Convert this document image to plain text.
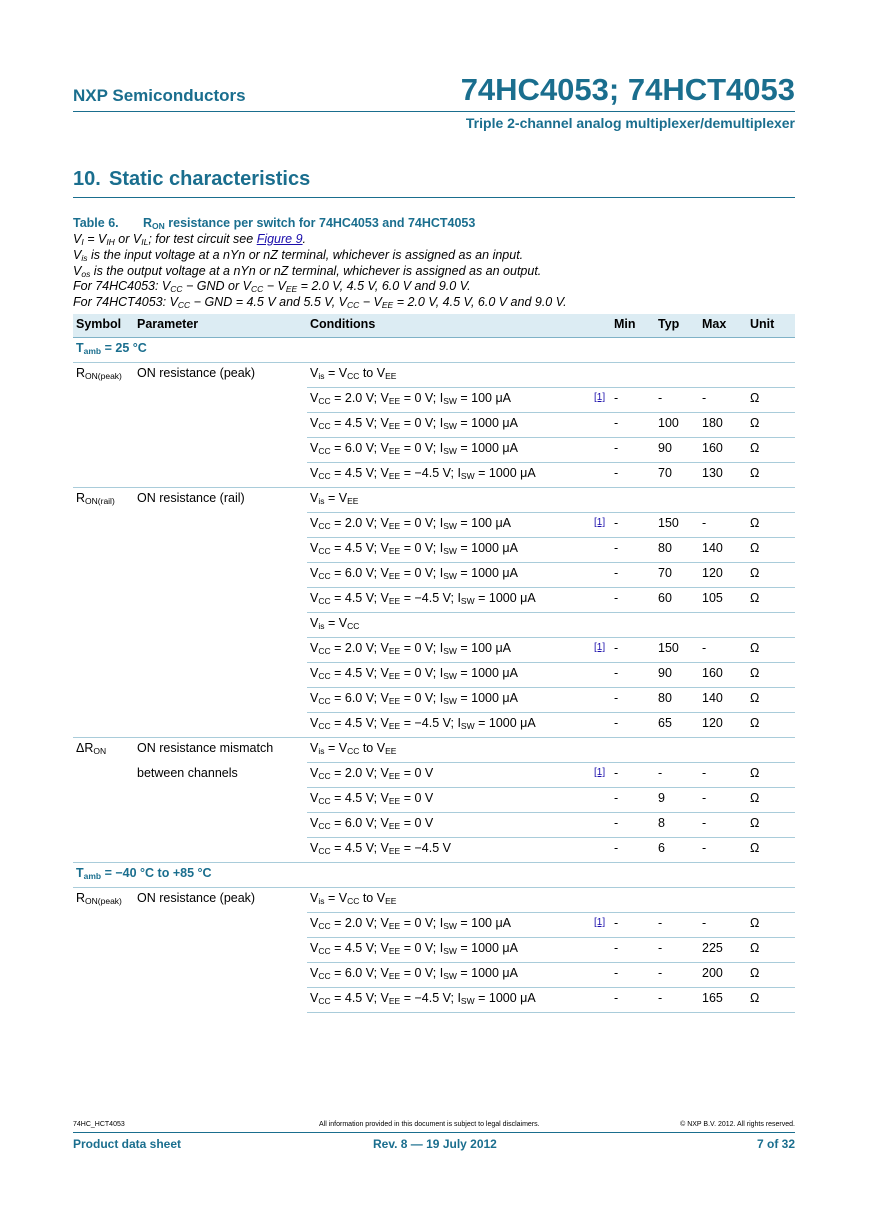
NXP Semiconductors	74HC4053; 74HCT4053
Triple 2-channel analog multiplexer/demultiplexer
10. Static characteristics
Table 6. $R_{ON}$ resistance per switch for 74HC4053 and 74HCT4053
$V_I = V_{IH}$ or $V_{IL}$; for test circuit see Figure 9.
$V_{is}$ is the input voltage at a nYn or nZ terminal, whichever is assigned as an input.
$V_{os}$ is the output voltage at a nYn or nZ terminal, whichever is assigned as an output.
For 74HC4053: $V_{CC}$ − GND or $V_{CC} - V_{EE} = 2.0$ V, 4.5 V, 6.0 V and 9.0 V.
For 74HCT4053: $V_{CC}$ − GND = 4.5 V and 5.5 V, $V_{CC} - V_{EE} = 2.0$ V, 4.5 V, 6.0 V and 9.0 V.
Symbol	Parameter	Conditions		Min	Typ	Max	Unit
$T_{amb} = 25$ °C							
$R_{ON(peak)}$	ON resistance (peak)	$V_{is} = V_{CC}$ to $V_{EE}$					
		$V_{CC} = 2.0$ V; $V_{EE} = 0$ V; $I_{SW} = 100$ μA	[1]	-	-	-	Ω
		$V_{CC} = 4.5$ V; $V_{EE} = 0$ V; $I_{SW} = 1000$ μA		-	100	180	Ω
		$V_{CC} = 6.0$ V; $V_{EE} = 0$ V; $I_{SW} = 1000$ μA		-	90	160	Ω
		$V_{CC} = 4.5$ V; $V_{EE} = -4.5$ V; $I_{SW} = 1000$ μA		-	70	130	Ω
$R_{ON(rail)}$	ON resistance (rail)	$V_{is} = V_{EE}$					
		$V_{CC} = 2.0$ V; $V_{EE} = 0$ V; $I_{SW} = 100$ μA	[1]	-	150	-	Ω
		$V_{CC} = 4.5$ V; $V_{EE} = 0$ V; $I_{SW} = 1000$ μA		-	80	140	Ω
		$V_{CC} = 6.0$ V; $V_{EE} = 0$ V; $I_{SW} = 1000$ μA		-	70	120	Ω
		$V_{CC} = 4.5$ V; $V_{EE} = -4.5$ V; $I_{SW} = 1000$ μA		-	60	105	Ω
		$V_{is} = V_{CC}$					
		$V_{CC} = 2.0$ V; $V_{EE} = 0$ V; $I_{SW} = 100$ μA	[1]	-	150	-	Ω
		$V_{CC} = 4.5$ V; $V_{EE} = 0$ V; $I_{SW} = 1000$ μA		-	90	160	Ω
		$V_{CC} = 6.0$ V; $V_{EE} = 0$ V; $I_{SW} = 1000$ μA		-	80	140	Ω
		$V_{CC} = 4.5$ V; $V_{EE} = -4.5$ V; $I_{SW} = 1000$ μA		-	65	120	Ω
$\Delta R_{ON}$	ON resistance mismatch	$V_{is} = V_{CC}$ to $V_{EE}$					
	between channels	$V_{CC} = 2.0$ V; $V_{EE} = 0$ V	[1]	-	-	-	Ω
		$V_{CC} = 4.5$ V; $V_{EE} = 0$ V		-	9	-	Ω
		$V_{CC} = 6.0$ V; $V_{EE} = 0$ V		-	8	-	Ω
		$V_{CC} = 4.5$ V; $V_{EE} = -4.5$ V		-	6	-	Ω
$T_{amb} = -40$ °C to +85 °C							
$R_{ON(peak)}$	ON resistance (peak)	$V_{is} = V_{CC}$ to $V_{EE}$					
		$V_{CC} = 2.0$ V; $V_{EE} = 0$ V; $I_{SW} = 100$ μA	[1]	-	-	-	Ω
		$V_{CC} = 4.5$ V; $V_{EE} = 0$ V; $I_{SW} = 1000$ μA		-	-	225	Ω
		$V_{CC} = 6.0$ V; $V_{EE} = 0$ V; $I_{SW} = 1000$ μA		-	-	200	Ω
		$V_{CC} = 4.5$ V; $V_{EE} = -4.5$ V; $I_{SW} = 1000$ μA		-	-	165	Ω
74HC_HCT4053	All information provided in this document is subject to legal disclaimers.	© NXP B.V. 2012. All rights reserved.
Product data sheet	Rev. 8 — 19 July 2012	7 of 32
